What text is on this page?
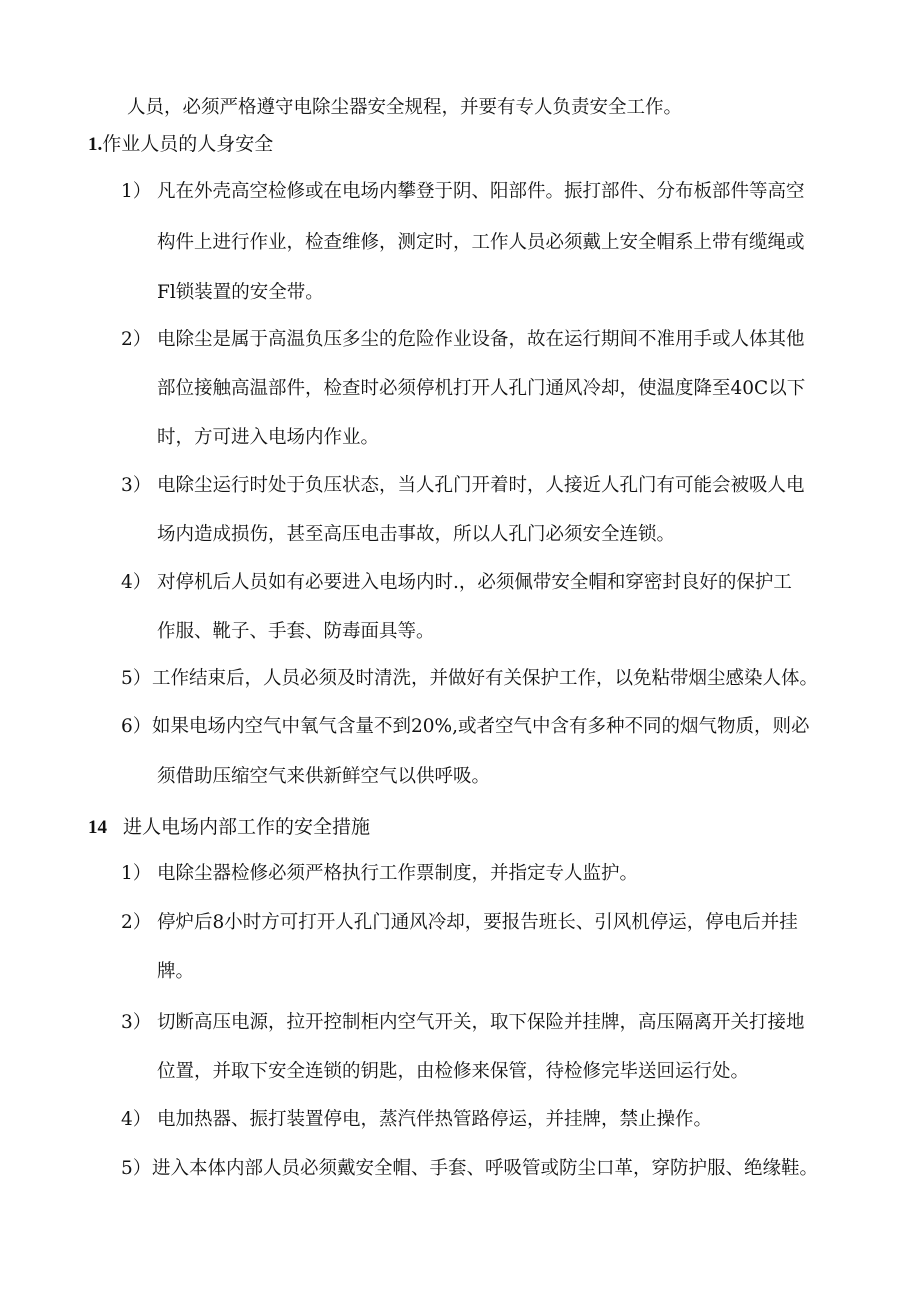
人员，必须严格遵守电除尘器安全规程，并要有专人负责安全工作。
1.作业人员的人身安全
1） 凡在外壳高空检修或在电场内攀登于阴、阳部件。振打部件、分布板部件等高空
构件上进行作业，检查维修，测定时，工作人员必须戴上安全帽系上带有缆绳或
Fl锁装置的安全带。
2） 电除尘是属于高温负压多尘的危险作业设备，故在运行期间不准用手或人体其他
部位接触高温部件，检查时必须停机打开人孔门通风冷却，使温度降至40C以下
时，方可进入电场内作业。
3） 电除尘运行时处于负压状态，当人孔门开着时，人接近人孔门有可能会被吸人电
场内造成损伤，甚至高压电击事故，所以人孔门必须安全连锁。
4） 对停机后人员如有必要进入电场内时.，必须佩带安全帽和穿密封良好的保护工
作服、靴子、手套、防毒面具等。
5） 工作结束后，人员必须及时清洗，并做好有关保护工作，以免粘带烟尘感染人体。
6） 如果电场内空气中氧气含量不到20%,或者空气中含有多种不同的烟气物质，则必
须借助压缩空气来供新鲜空气以供呼吸。
14 进人电场内部工作的安全措施
1） 电除尘器检修必须严格执行工作票制度，并指定专人监护。
2） 停炉后8小时方可打开人孔门通风冷却，要报告班长、引风机停运，停电后并挂
牌。
3） 切断高压电源，拉开控制柜内空气开关，取下保险并挂牌，高压隔离开关打接地
位置，并取下安全连锁的钥匙，由检修来保管，待检修完毕送回运行处。
4） 电加热器、振打装置停电，蒸汽伴热管路停运，并挂牌，禁止操作。
5） 进入本体内部人员必须戴安全帽、手套、呼吸管或防尘口革，穿防护服、绝缘鞋。
